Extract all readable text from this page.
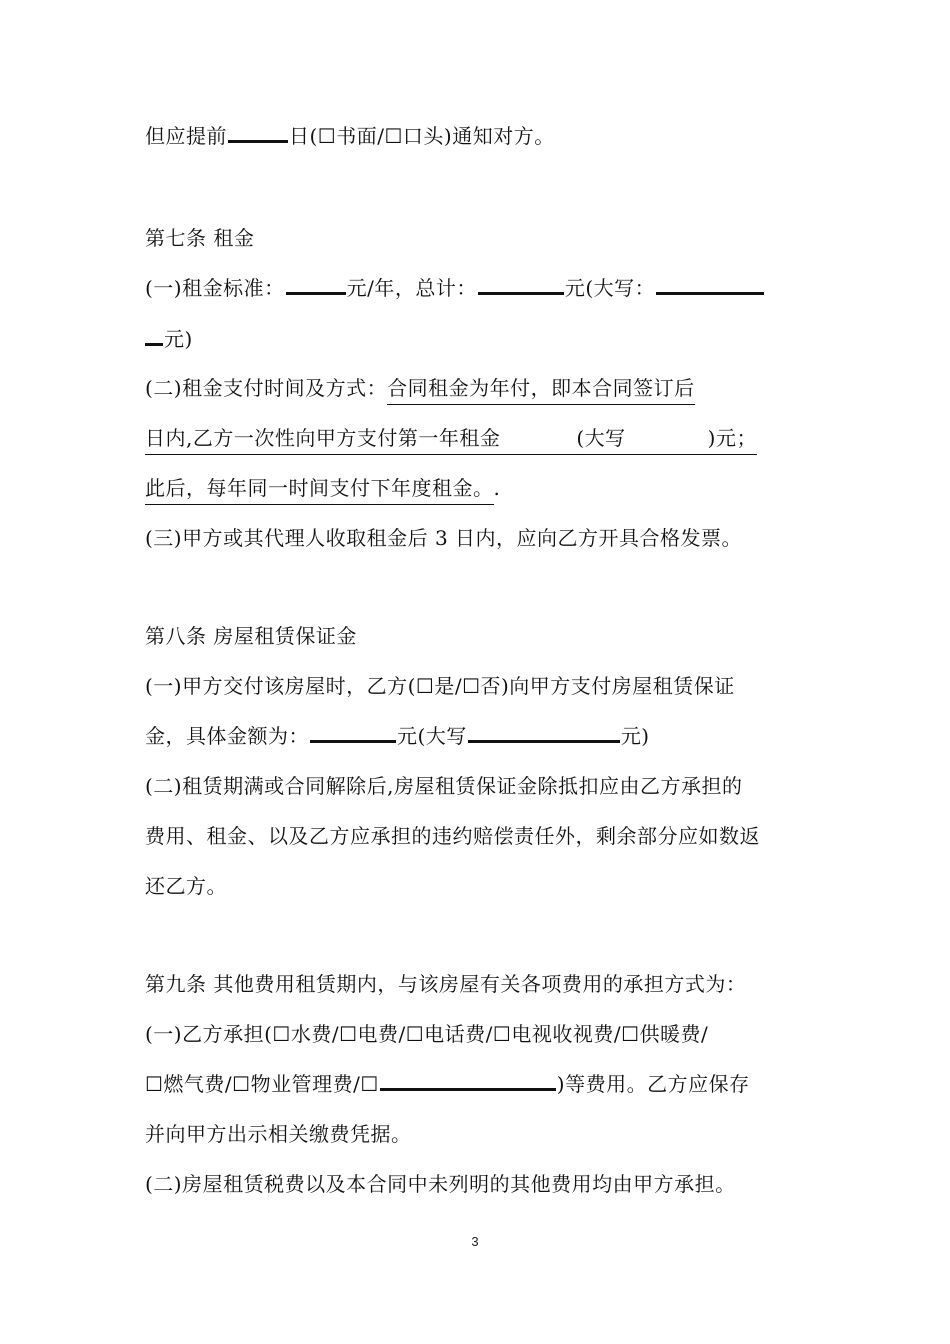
但应提前	日(☐书面/☐口头)通知对方。
第七条 租金
(一)租金标准：	元/年，总计：	元(大写：
元)
(二)租金支付时间及方式：合同租金为年付，即本合同签订后
日内,乙方一次性向甲方支付第一年租金	(大写	)元；
此后，每年同一时间支付下年度租金。.
(三)甲方或其代理人收取租金后 3 日内，应向乙方开具合格发票。
第八条 房屋租赁保证金
(一)甲方交付该房屋时，乙方(☐是/☐否)向甲方支付房屋租赁保证
金，具体金额为：	元(大写	元)
(二)租赁期满或合同解除后,房屋租赁保证金除抵扣应由乙方承担的
费用、租金、以及乙方应承担的违约赔偿责任外，剩余部分应如数返
还乙方。
第九条 其他费用租赁期内，与该房屋有关各项费用的承担方式为：
(一)乙方承担(☐水费/☐电费/☐电话费/☐电视收视费/☐供暖费/
☐燃气费/☐物业管理费/☐	)等费用。乙方应保存
并向甲方出示相关缴费凭据。
(二)房屋租赁税费以及本合同中未列明的其他费用均由甲方承担。
3
